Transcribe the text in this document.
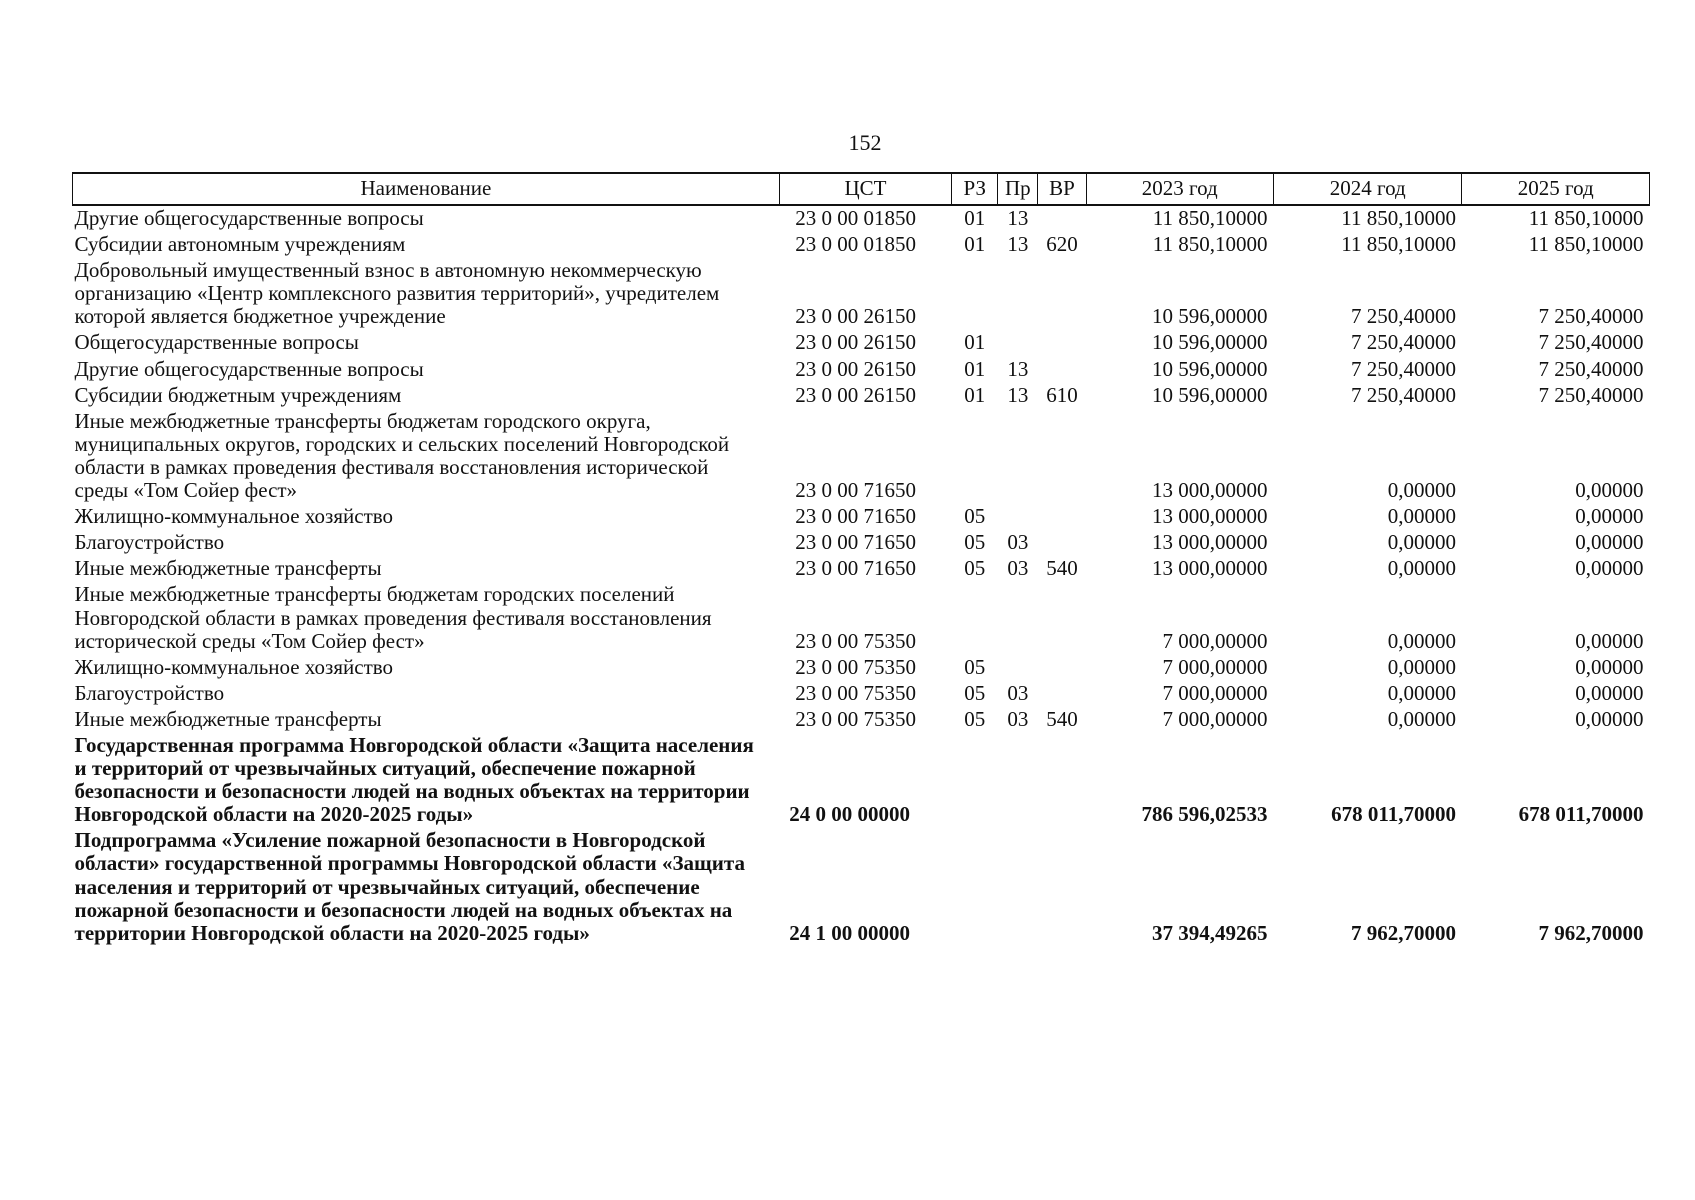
152
Наименование	ЦСТ	РЗ	Пр	ВР	2023 год	2024 год	2025 год
Другие общегосударственные вопросы	23 0 00 01850	01	13		11 850,10000	11 850,10000	11 850,10000
Субсидии автономным учреждениям	23 0 00 01850	01	13	620	11 850,10000	11 850,10000	11 850,10000
Добровольный имущественный взнос в автономную некоммерческую организацию «Центр комплексного развития территорий», учредителем которой является бюджетное учреждение	23 0 00 26150				10 596,00000	7 250,40000	7 250,40000
Общегосударственные вопросы	23 0 00 26150	01			10 596,00000	7 250,40000	7 250,40000
Другие общегосударственные вопросы	23 0 00 26150	01	13		10 596,00000	7 250,40000	7 250,40000
Субсидии бюджетным учреждениям	23 0 00 26150	01	13	610	10 596,00000	7 250,40000	7 250,40000
Иные межбюджетные трансферты бюджетам городского округа, муниципальных округов, городских и сельских поселений Новгородской области в рамках проведения фестиваля восстановления исторической среды «Том Сойер фест»	23 0 00 71650				13 000,00000	0,00000	0,00000
Жилищно-коммунальное хозяйство	23 0 00 71650	05			13 000,00000	0,00000	0,00000
Благоустройство	23 0 00 71650	05	03		13 000,00000	0,00000	0,00000
Иные межбюджетные трансферты	23 0 00 71650	05	03	540	13 000,00000	0,00000	0,00000
Иные межбюджетные трансферты бюджетам городских поселений Новгородской области в рамках проведения фестиваля восстановления исторической среды «Том Сойер фест»	23 0 00 75350				7 000,00000	0,00000	0,00000
Жилищно-коммунальное хозяйство	23 0 00 75350	05			7 000,00000	0,00000	0,00000
Благоустройство	23 0 00 75350	05	03		7 000,00000	0,00000	0,00000
Иные межбюджетные трансферты	23 0 00 75350	05	03	540	7 000,00000	0,00000	0,00000
Государственная программа Новгородской области «Защита населения и территорий от чрезвычайных ситуаций, обеспечение пожарной безопасности и безопасности людей на водных объектах на территории Новгородской области на 2020-2025 годы»	24 0 00 00000				786 596,02533	678 011,70000	678 011,70000
Подпрограмма «Усиление пожарной безопасности в Новгородской области» государственной программы Новгородской области «Защита населения и территорий от чрезвычайных ситуаций, обеспечение пожарной безопасности и безопасности людей на водных объектах на территории Новгородской области на 2020-2025 годы»	24 1 00 00000				37 394,49265	7 962,70000	7 962,70000
